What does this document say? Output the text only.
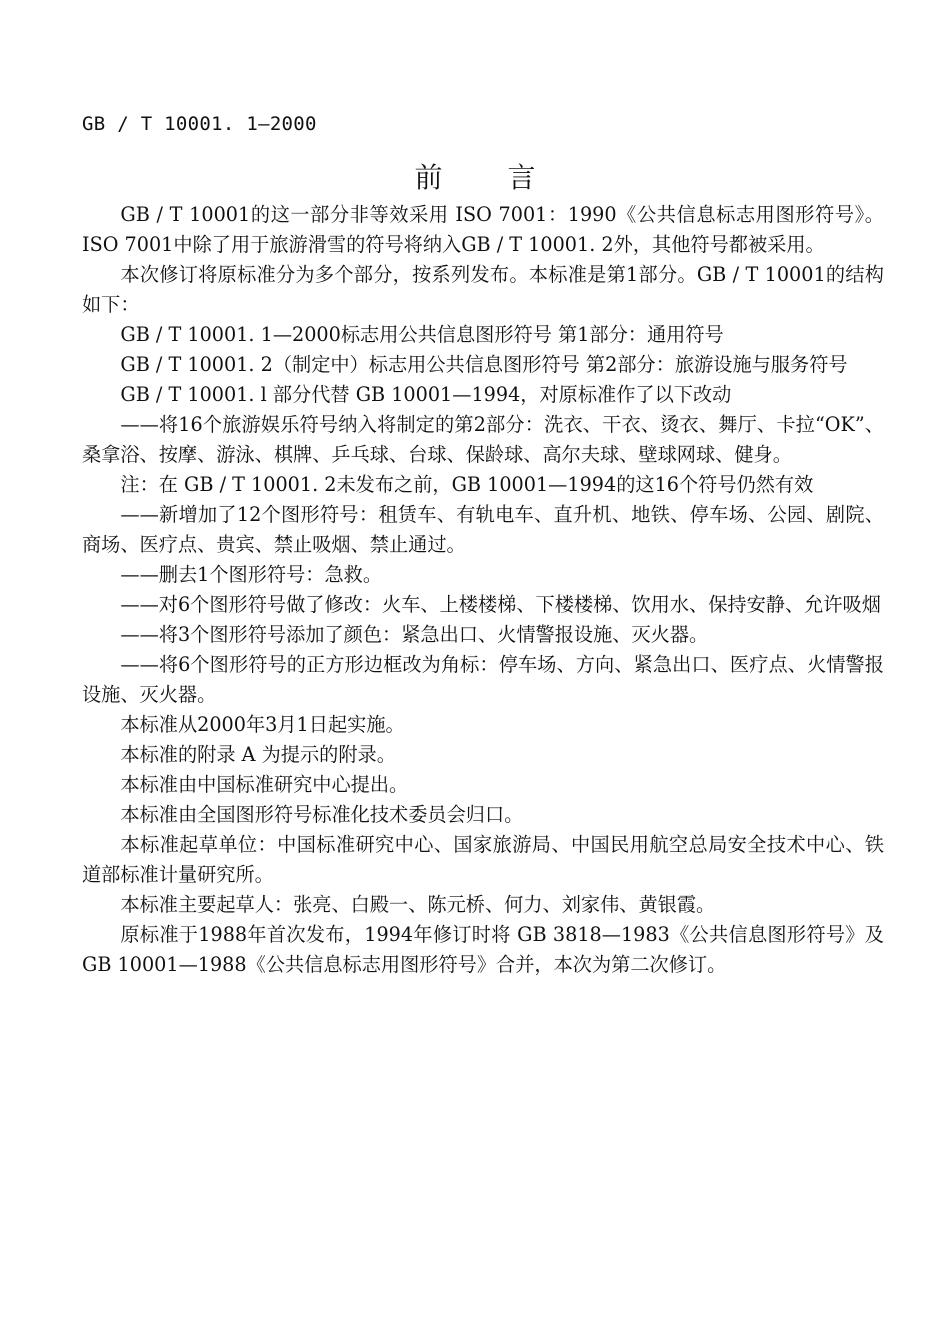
GB / T 10001. 1—2000
前 言

GB / T 10001的这一部分非等效采用 ISO 7001：1990《公共信息标志用图形符号》。ISO 7001中除了用于旅游滑雪的符号将纳入GB / T 10001. 2外，其他符号都被采用。

本次修订将原标准分为多个部分，按系列发布。本标准是第1部分。GB / T 10001的结构如下：

GB / T 10001. 1—2000标志用公共信息图形符号 第1部分：通用符号

GB / T 10001. 2（制定中）标志用公共信息图形符号 第2部分：旅游设施与服务符号

GB / T 10001. l 部分代替 GB 10001—1994，对原标准作了以下改动

——将16个旅游娱乐符号纳入将制定的第2部分：洗衣、干衣、烫衣、舞厅、卡拉“OK”、桑拿浴、按摩、游泳、棋牌、乒乓球、台球、保龄球、高尔夫球、壁球网球、健身。

注：在 GB / T 10001. 2未发布之前，GB 10001—1994的这16个符号仍然有效

——新增加了12个图形符号：租赁车、有轨电车、直升机、地铁、停车场、公园、剧院、商场、医疗点、贵宾、禁止吸烟、禁止通过。

——删去1个图形符号：急救。

——对6个图形符号做了修改：火车、上楼楼梯、下楼楼梯、饮用水、保持安静、允许吸烟

——将3个图形符号添加了颜色：紧急出口、火情警报设施、灭火器。

——将6个图形符号的正方形边框改为角标：停车场、方向、紧急出口、医疗点、火情警报设施、灭火器。

本标准从2000年3月1日起实施。

本标准的附录 A 为提示的附录。

本标准由中国标准研究中心提出。

本标准由全国图形符号标准化技术委员会归口。

本标准起草单位：中国标准研究中心、国家旅游局、中国民用航空总局安全技术中心、铁道部标准计量研究所。

本标准主要起草人：张亮、白殿一、陈元桥、何力、刘家伟、黄银霞。

原标准于1988年首次发布，1994年修订时将 GB 3818—1983《公共信息图形符号》及 GB 10001—1988《公共信息标志用图形符号》合并，本次为第二次修订。
